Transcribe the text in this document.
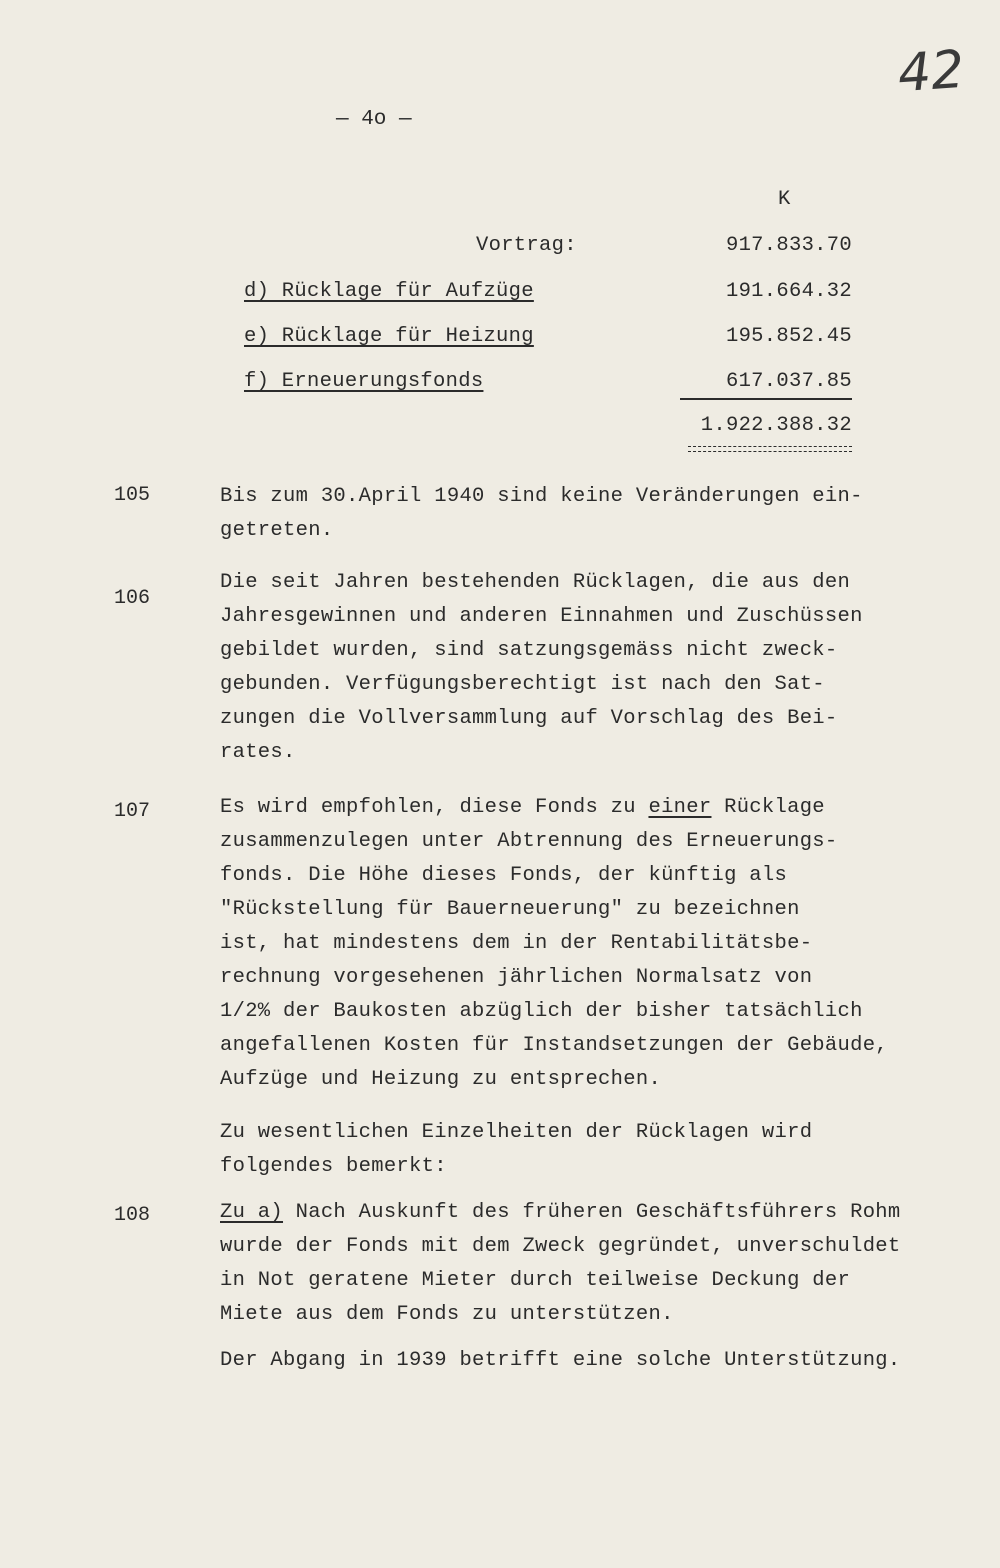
42
— 4o —
K
Vortrag:	917.833.70
d) Rücklage für Aufzüge	191.664.32
e) Rücklage für Heizung	195.852.45
f) Erneuerungsfonds	617.037.85
1.922.388.32
105	Bis zum 30.April 1940 sind keine Veränderungen ein-
getreten.
106
Die seit Jahren bestehenden Rücklagen, die aus den
Jahresgewinnen und anderen Einnahmen und Zuschüssen
gebildet wurden, sind satzungsgemäss nicht zweck-
gebunden. Verfügungsberechtigt ist nach den Sat-
zungen die Vollversammlung auf Vorschlag des Bei-
rates.
107	Es wird empfohlen, diese Fonds zu einer Rücklage
zusammenzulegen unter Abtrennung des Erneuerungs-
fonds. Die Höhe dieses Fonds, der künftig als
"Rückstellung für Bauerneuerung" zu bezeichnen
ist, hat mindestens dem in der Rentabilitätsbe-
rechnung vorgesehenen jährlichen Normalsatz von
1/2% der Baukosten abzüglich der bisher tatsächlich
angefallenen Kosten für Instandsetzungen der Gebäude,
Aufzüge und Heizung zu entsprechen.
Zu wesentlichen Einzelheiten der Rücklagen wird
folgendes bemerkt:
108	Zu a) Nach Auskunft des früheren Geschäftsführers Rohm
wurde der Fonds mit dem Zweck gegründet, unverschuldet
in Not geratene Mieter durch teilweise Deckung der
Miete aus dem Fonds zu unterstützen.
Der Abgang in 1939 betrifft eine solche Unterstützung.
